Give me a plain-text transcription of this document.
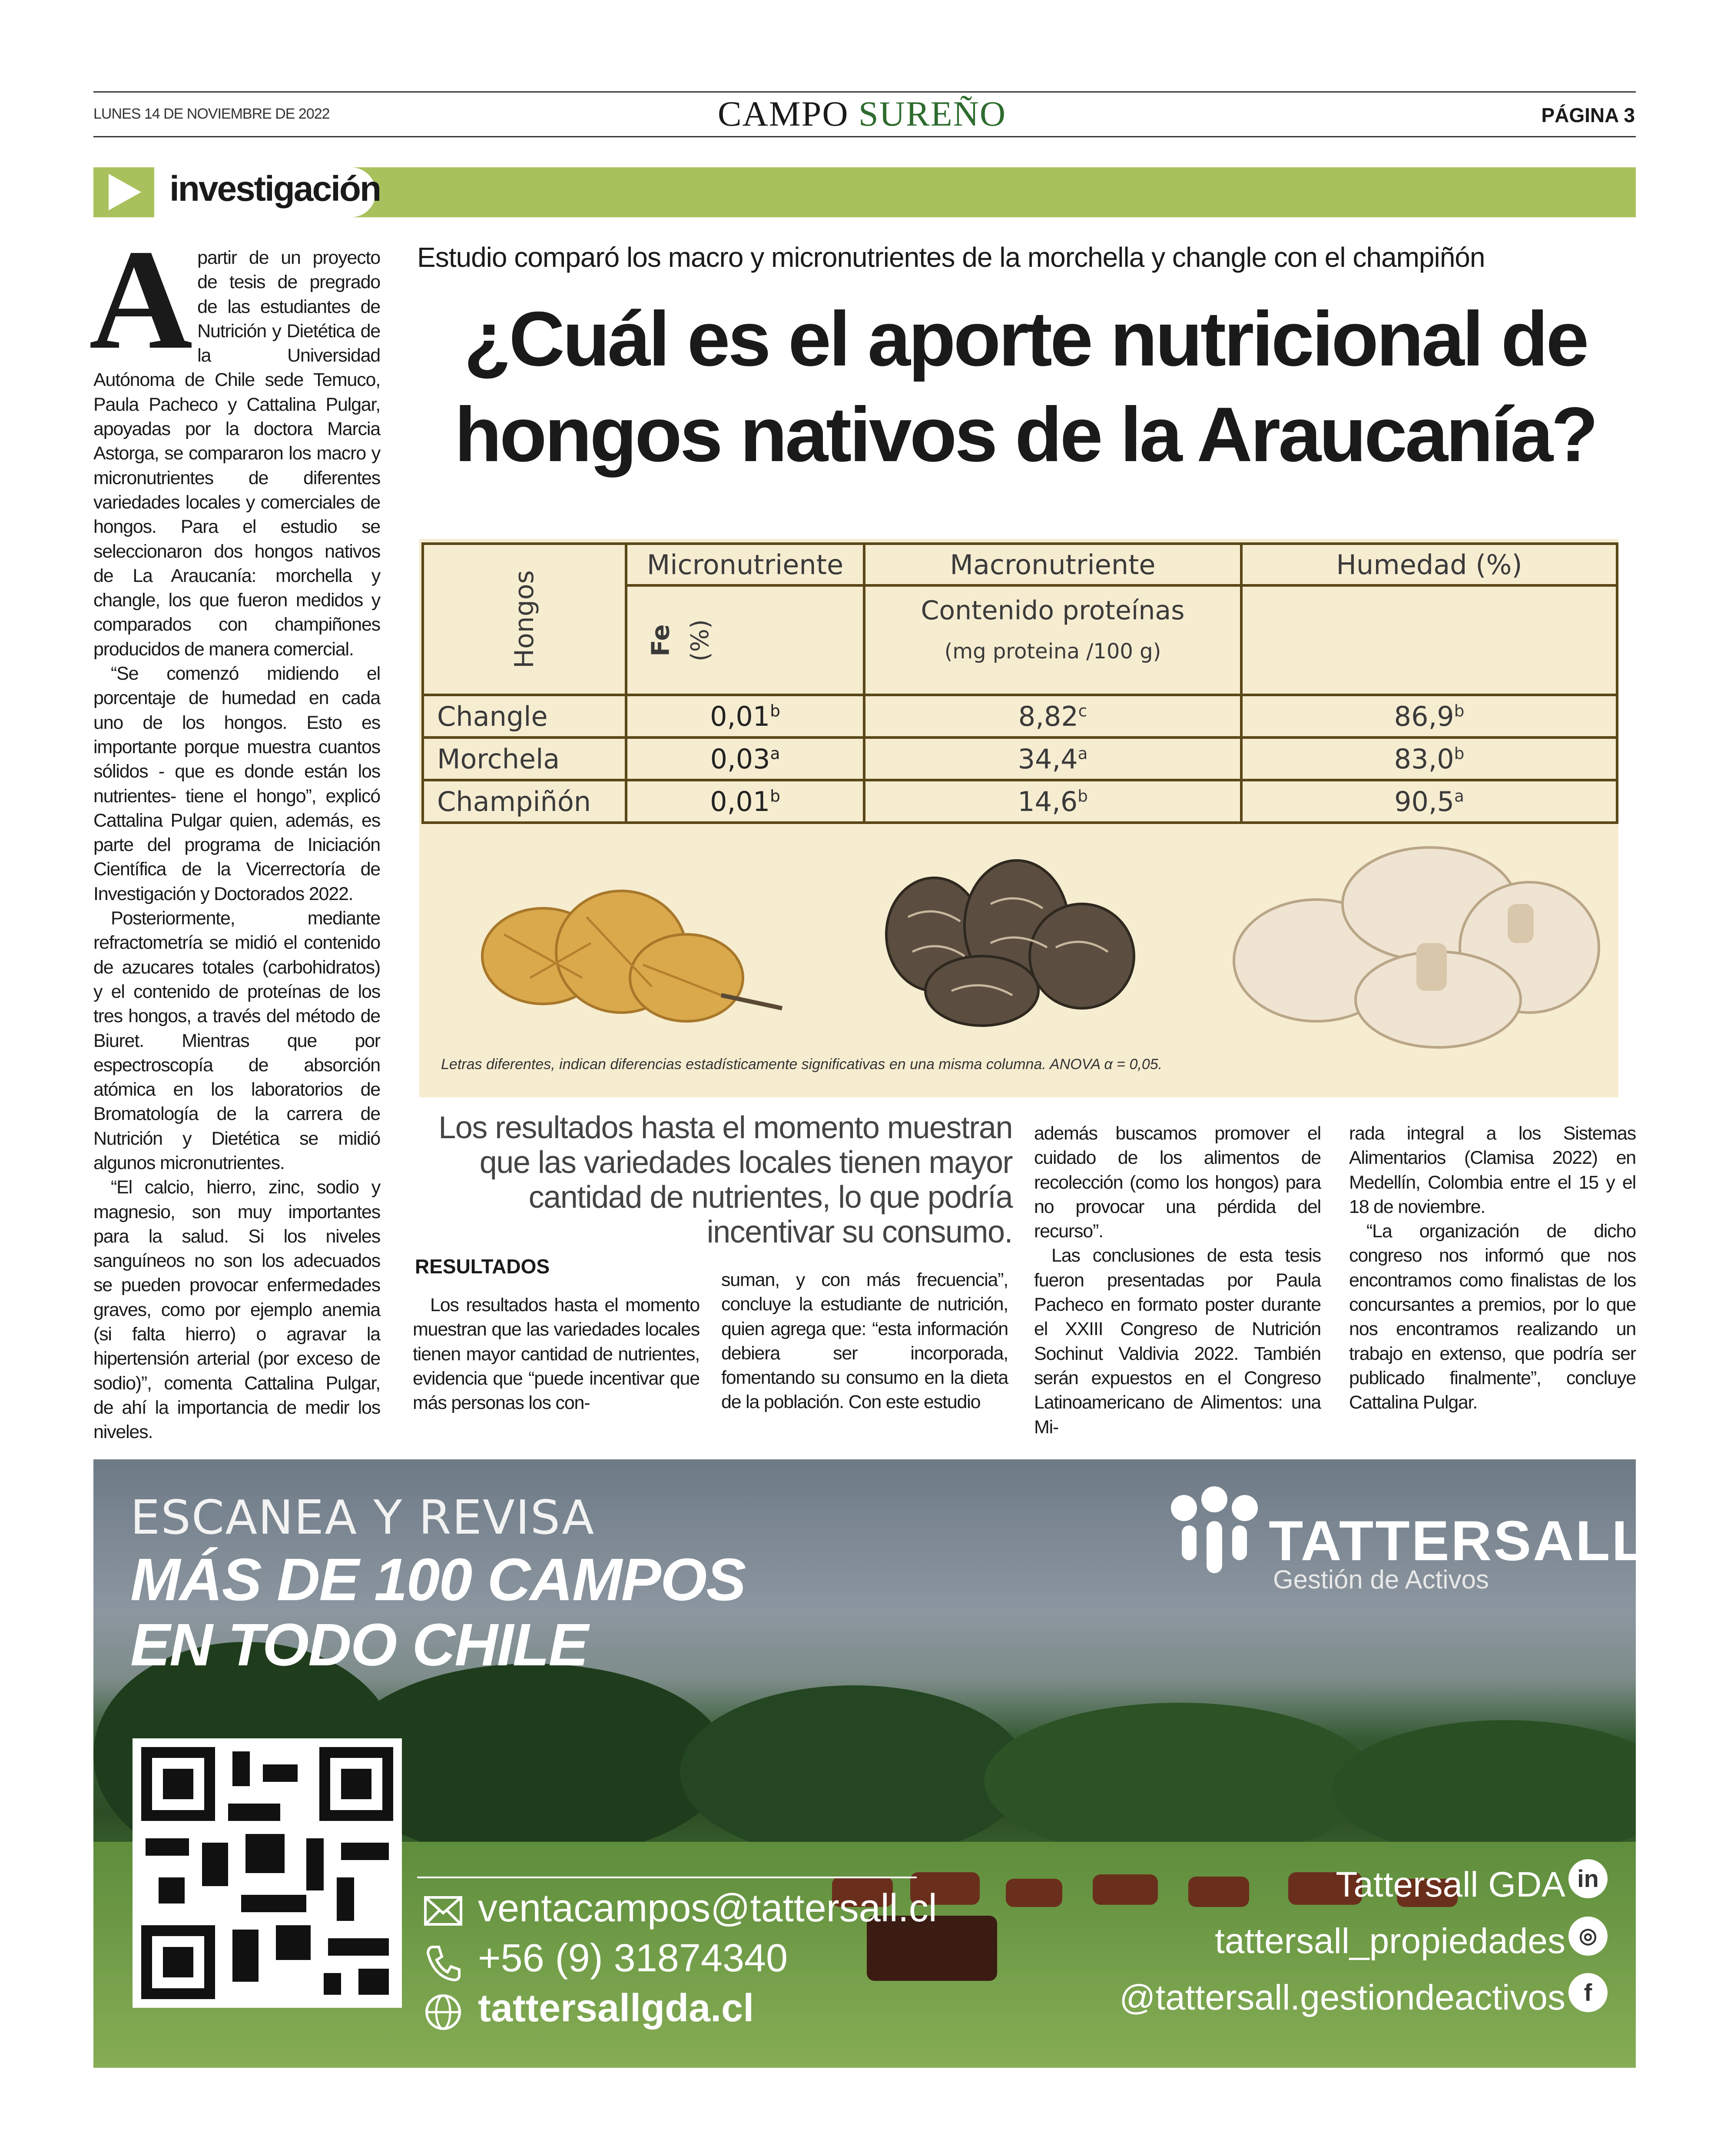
LUNES 14 DE NOVIEMBRE DE 2022	CAMPO SUREÑO	PÁGINA 3
investigación
A partir de un proyecto de tesis de pregrado de las estudiantes de Nutrición y Dietética de la Universidad Autónoma de Chile sede Temuco, Paula Pacheco y Cattalina Pulgar, apoyadas por la doctora Marcia Astorga, se compararon los macro y micronutrientes de diferentes variedades locales y comerciales de hongos. Para el estudio se seleccionaron dos hongos nativos de La Araucanía: morchella y changle, los que fueron medidos y comparados con champiñones producidos de manera comercial.

“Se comenzó midiendo el porcentaje de humedad en cada uno de los hongos. Esto es importante porque muestra cuantos sólidos - que es donde están los nutrientes- tiene el hongo”, explicó Cattalina Pulgar quien, además, es parte del programa de Iniciación Científica de la Vicerrectoría de Investigación y Doctorados 2022.

Posteriormente, mediante refractometría se midió el contenido de azucares totales (carbohidratos) y el contenido de proteínas de los tres hongos, a través del método de Biuret. Mientras que por espectroscopía de absorción atómica en los laboratorios de Bromatología de la carrera de Nutrición y Dietética se midió algunos micronutrientes.

“El calcio, hierro, zinc, sodio y magnesio, son muy importantes para la salud. Si los niveles sanguíneos no son los adecuados se pueden provocar enfermedades graves, como por ejemplo anemia (si falta hierro) o agravar la hipertensión arterial (por exceso de sodio)”, comenta Cattalina Pulgar, de ahí la importancia de medir los niveles.

Estudio comparó los macro y micronutrientes de la morchella y changle con el champiñón
¿Cuál es el aporte nutricional de hongos nativos de la Araucanía?
Hongos	Micronutriente	Macronutriente	Humedad (%)
	Fe (%)	Contenido proteínas
(mg proteina /100 g)	
Changle	0,01$^b$	8,82$^c$	86,9$^b$
Morchela	0,03$^a$	34,4$^a$	83,0$^b$
Champiñón	0,01$^b$	14,6$^b$	90,5$^a$
Letras diferentes, indican diferencias estadísticamente significativas en una misma columna. ANOVA α = 0,05.
Los resultados hasta el momento muestran que las variedades locales tienen mayor cantidad de nutrientes, lo que podría incentivar su consumo.
RESULTADOS

Los resultados hasta el momento muestran que las variedades locales tienen mayor cantidad de nutrientes, evidencia que “puede incentivar que más personas los con-

suman, y con más frecuencia”, concluye la estudiante de nutrición, quien agrega que: “esta información debiera ser incorporada, fomentando su consumo en la dieta de la población. Con este estudio

además buscamos promover el cuidado de los alimentos de recolección (como los hongos) para no provocar una pérdida del recurso”.

Las conclusiones de esta tesis fueron presentadas por Paula Pacheco en formato poster durante el XXIII Congreso de Nutrición Sochinut Valdivia 2022. También serán expuestos en el Congreso Latinoamericano de Alimentos: una Mi-

rada integral a los Sistemas Alimentarios (Clamisa 2022) en Medellín, Colombia entre el 15 y el 18 de noviembre.

“La organización de dicho congreso nos informó que nos encontramos como finalistas de los concursantes a premios, por lo que nos encontramos realizando un trabajo en extenso, que podría ser publicado finalmente”, concluye Cattalina Pulgar.

ESCANEA Y REVISA
MÁS DE 100 CAMPOS
EN TODO CHILE
TATTERSALL
Gestión de Activos
ventacampos@tattersall.cl
+56 (9) 31874340
tattersallgda.cl
Tattersall GDA in
tattersall_propiedades ◎
@tattersall.gestiondeactivos f
